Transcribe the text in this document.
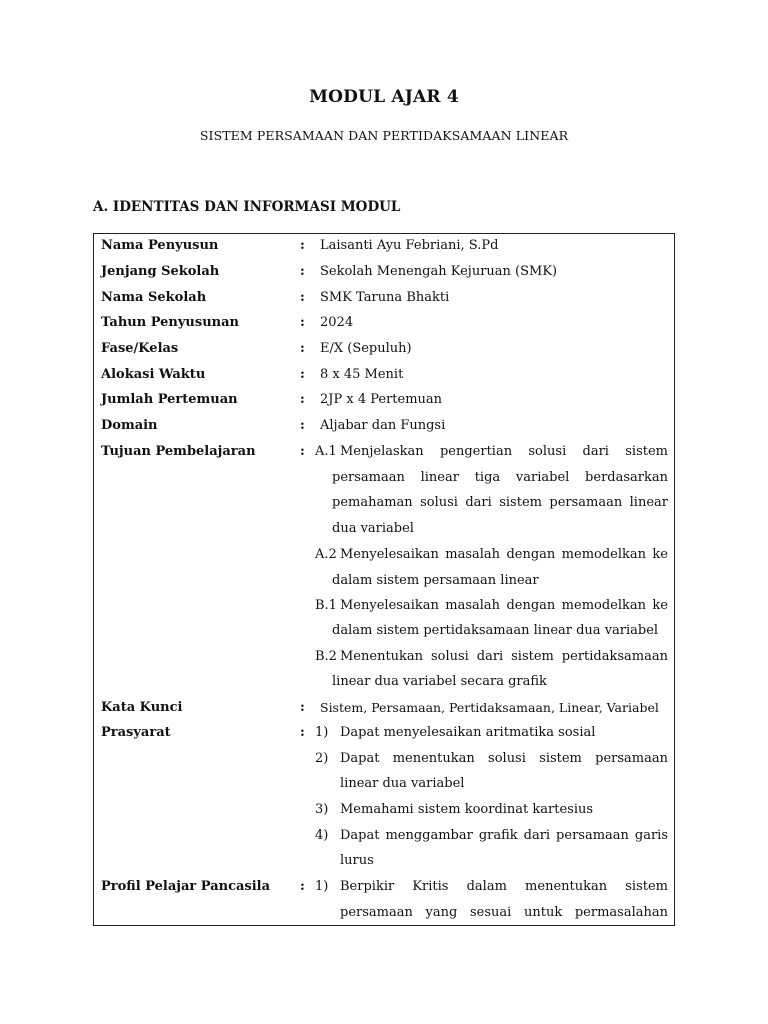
MODUL AJAR 4
SISTEM PERSAMAAN DAN PERTIDAKSAMAAN LINEAR
A. IDENTITAS DAN INFORMASI MODUL
Nama Penyusun	: Laisanti Ayu Febriani, S.Pd
Jenjang Sekolah	: Sekolah Menengah Kejuruan (SMK)
Nama Sekolah	: SMK Taruna Bhakti
Tahun Penyusunan	: 2024
Fase/Kelas	: E/X (Sepuluh)
Alokasi Waktu	: 8 x 45 Menit
Jumlah Pertemuan	: 2JP x 4 Pertemuan
Domain	: Aljabar dan Fungsi
Tujuan Pembelajaran	: A.1 Menjelaskan pengertian solusi dari sistem
persamaan linear tiga variabel berdasarkan
pemahaman solusi dari sistem persamaan linear
dua variabel
A.2 Menyelesaikan masalah dengan memodelkan ke
dalam sistem persamaan linear
B.1 Menyelesaikan masalah dengan memodelkan ke
dalam sistem pertidaksamaan linear dua variabel
B.2 Menentukan solusi dari sistem pertidaksamaan
linear dua variabel secara grafik
Kata Kunci	: Sistem, Persamaan, Pertidaksamaan, Linear, Variabel
Prasyarat	: 1) Dapat menyelesaikan aritmatika sosial
2) Dapat menentukan solusi sistem persamaan
linear dua variabel
3) Memahami sistem koordinat kartesius
4) Dapat menggambar grafik dari persamaan garis
lurus
Profil Pelajar Pancasila : 1) Berpikir Kritis dalam menentukan sistem
persamaan yang sesuai untuk permasalahan
